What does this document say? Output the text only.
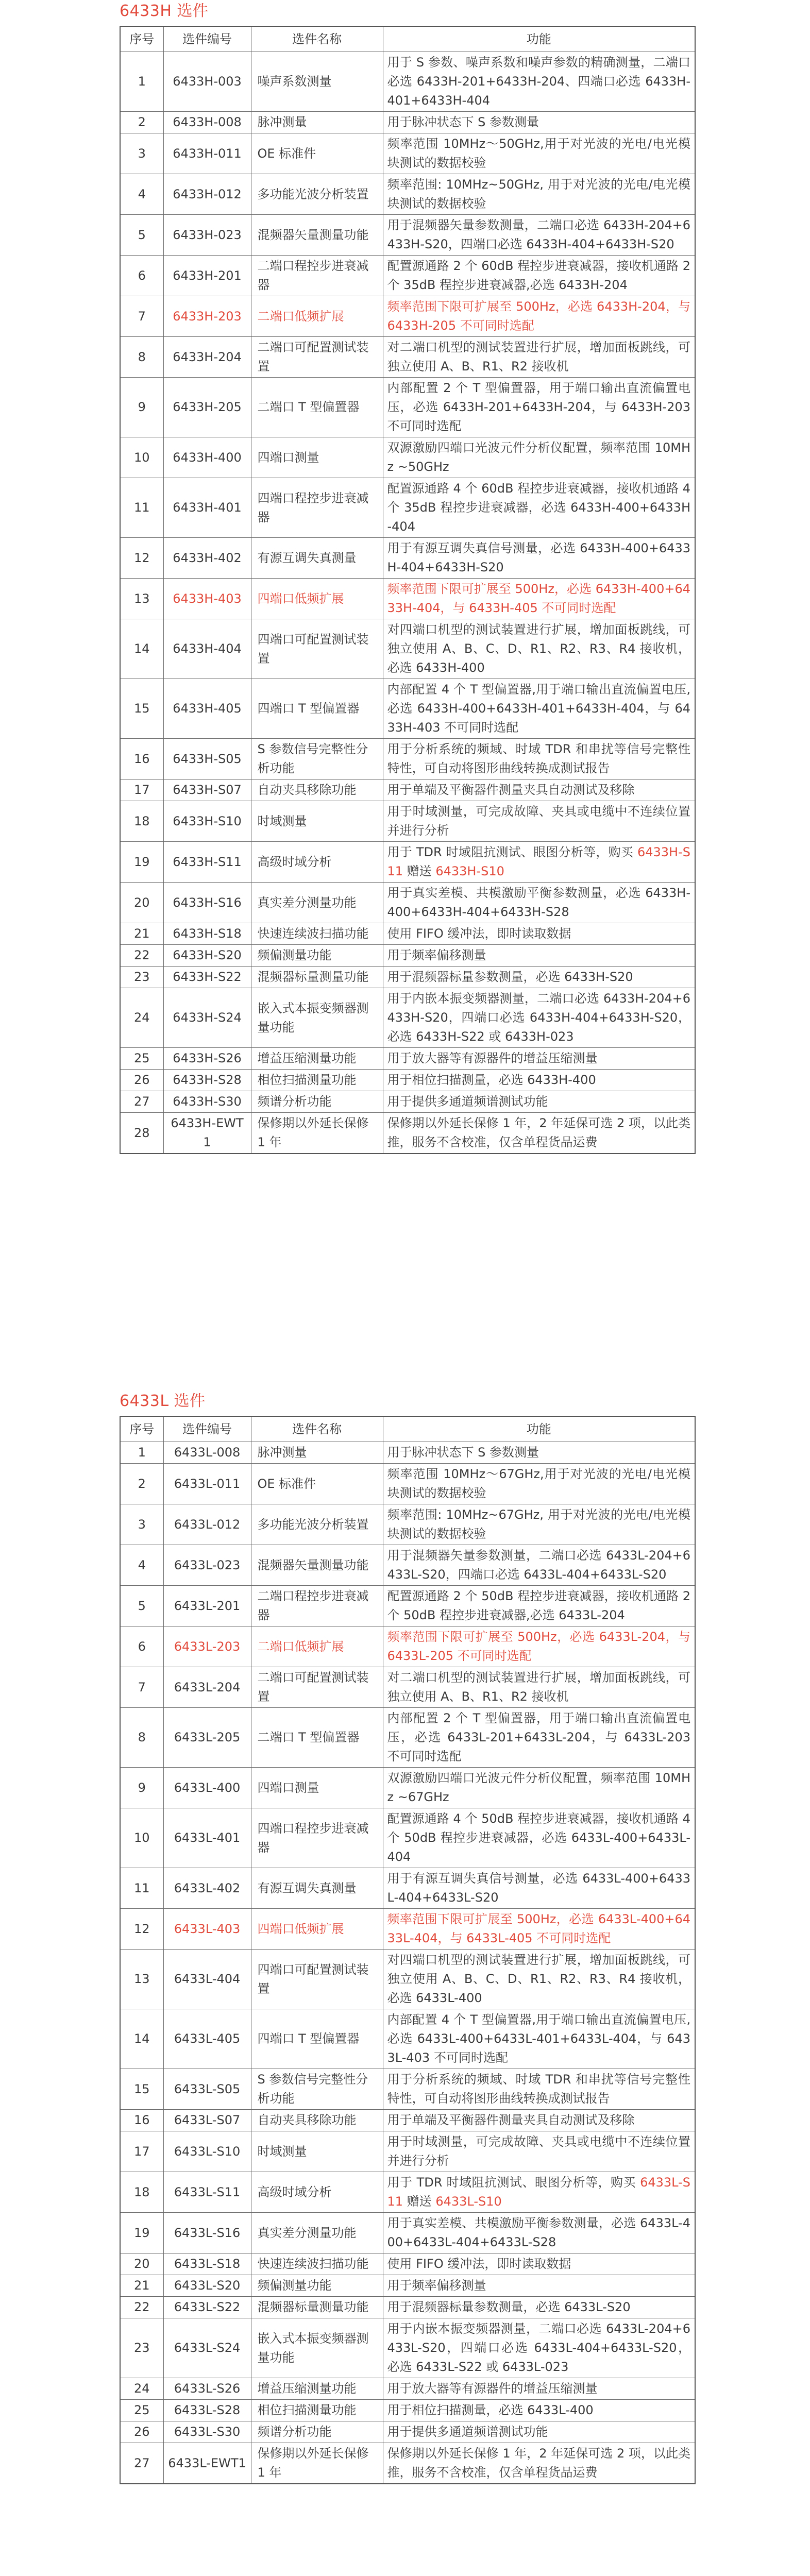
6433H 选件
序号	选件编号	选件名称	功能
1	6433H-003	噪声系数测量	用于 S 参数、噪声系数和噪声参数的精确测量，二端口必选 6433H-201+6433H-204、四端口必选 6433H-401+6433H-404
2	6433H-008	脉冲测量	用于脉冲状态下 S 参数测量
3	6433H-011	OE 标准件	频率范围 10MHz～50GHz,用于对光波的光电/电光模块测试的数据校验
4	6433H-012	多功能光波分析装置	频率范围: 10MHz~50GHz, 用于对光波的光电/电光模块测试的数据校验
5	6433H-023	混频器矢量测量功能	用于混频器矢量参数测量，二端口必选 6433H-204+6433H-S20，四端口必选 6433H-404+6433H-S20
6	6433H-201	二端口程控步进衰减器	配置源通路 2 个 60dB 程控步进衰减器，接收机通路 2 个 35dB 程控步进衰减器,必选 6433H-204
7	6433H-203	二端口低频扩展	频率范围下限可扩展至 500Hz，必选 6433H-204，与 6433H-205 不可同时选配
8	6433H-204	二端口可配置测试装置	对二端口机型的测试装置进行扩展，增加面板跳线，可独立使用 A、B、R1、R2 接收机
9	6433H-205	二端口 T 型偏置器	内部配置 2 个 T 型偏置器，用于端口输出直流偏置电压，必选 6433H-201+6433H-204，与 6433H-203 不可同时选配
10	6433H-400	四端口测量	双源激励四端口光波元件分析仪配置，频率范围 10MHz ~50GHz
11	6433H-401	四端口程控步进衰减器	配置源通路 4 个 60dB 程控步进衰减器，接收机通路 4 个 35dB 程控步进衰减器，必选 6433H-400+6433H-404
12	6433H-402	有源互调失真测量	用于有源互调失真信号测量，必选 6433H-400+6433H-404+6433H-S20
13	6433H-403	四端口低频扩展	频率范围下限可扩展至 500Hz，必选 6433H-400+6433H-404，与 6433H-405 不可同时选配
14	6433H-404	四端口可配置测试装置	对四端口机型的测试装置进行扩展，增加面板跳线，可独立使用 A、B、C、D、R1、R2、R3、R4 接收机，必选 6433H-400
15	6433H-405	四端口 T 型偏置器	内部配置 4 个 T 型偏置器,用于端口输出直流偏置电压,必选 6433H-400+6433H-401+6433H-404，与 6433H-403 不可同时选配
16	6433H-S05	S 参数信号完整性分析功能	用于分析系统的频域、时域 TDR 和串扰等信号完整性特性，可自动将图形曲线转换成测试报告
17	6433H-S07	自动夹具移除功能	用于单端及平衡器件测量夹具自动测试及移除
18	6433H-S10	时域测量	用于时域测量，可完成故障、夹具或电缆中不连续位置并进行分析
19	6433H-S11	高级时域分析	用于 TDR 时域阻抗测试、眼图分析等，购买 6433H-S11 赠送 6433H-S10
20	6433H-S16	真实差分测量功能	用于真实差模、共模激励平衡参数测量，必选 6433H-400+6433H-404+6433H-S28
21	6433H-S18	快速连续波扫描功能	使用 FIFO 缓冲法，即时读取数据
22	6433H-S20	频偏测量功能	用于频率偏移测量
23	6433H-S22	混频器标量测量功能	用于混频器标量参数测量，必选 6433H-S20
24	6433H-S24	嵌入式本振变频器测量功能	用于内嵌本振变频器测量，二端口必选 6433H-204+6433H-S20，四端口必选 6433H-404+6433H-S20，必选 6433H-S22 或 6433H-023
25	6433H-S26	增益压缩测量功能	用于放大器等有源器件的增益压缩测量
26	6433H-S28	相位扫描测量功能	用于相位扫描测量，必选 6433H-400
27	6433H-S30	频谱分析功能	用于提供多通道频谱测试功能
28	6433H-EWT1	保修期以外延长保修 1 年	保修期以外延长保修 1 年，2 年延保可选 2 项，以此类推，服务不含校准，仅含单程货品运费
6433L 选件
序号	选件编号	选件名称	功能
1	6433L-008	脉冲测量	用于脉冲状态下 S 参数测量
2	6433L-011	OE 标准件	频率范围 10MHz～67GHz,用于对光波的光电/电光模块测试的数据校验
3	6433L-012	多功能光波分析装置	频率范围: 10MHz~67GHz, 用于对光波的光电/电光模块测试的数据校验
4	6433L-023	混频器矢量测量功能	用于混频器矢量参数测量，二端口必选 6433L-204+6433L-S20，四端口必选 6433L-404+6433L-S20
5	6433L-201	二端口程控步进衰减器	配置源通路 2 个 50dB 程控步进衰减器，接收机通路 2 个 50dB 程控步进衰减器,必选 6433L-204
6	6433L-203	二端口低频扩展	频率范围下限可扩展至 500Hz，必选 6433L-204，与 6433L-205 不可同时选配
7	6433L-204	二端口可配置测试装置	对二端口机型的测试装置进行扩展，增加面板跳线，可独立使用 A、B、R1、R2 接收机
8	6433L-205	二端口 T 型偏置器	内部配置 2 个 T 型偏置器，用于端口输出直流偏置电压，必选 6433L-201+6433L-204，与 6433L-203 不可同时选配
9	6433L-400	四端口测量	双源激励四端口光波元件分析仪配置，频率范围 10MHz ~67GHz
10	6433L-401	四端口程控步进衰减器	配置源通路 4 个 50dB 程控步进衰减器，接收机通路 4 个 50dB 程控步进衰减器，必选 6433L-400+6433L-404
11	6433L-402	有源互调失真测量	用于有源互调失真信号测量，必选 6433L-400+6433L-404+6433L-S20
12	6433L-403	四端口低频扩展	频率范围下限可扩展至 500Hz，必选 6433L-400+6433L-404，与 6433L-405 不可同时选配
13	6433L-404	四端口可配置测试装置	对四端口机型的测试装置进行扩展，增加面板跳线，可独立使用 A、B、C、D、R1、R2、R3、R4 接收机，必选 6433L-400
14	6433L-405	四端口 T 型偏置器	内部配置 4 个 T 型偏置器,用于端口输出直流偏置电压,必选 6433L-400+6433L-401+6433L-404，与 6433L-403 不可同时选配
15	6433L-S05	S 参数信号完整性分析功能	用于分析系统的频域、时域 TDR 和串扰等信号完整性特性，可自动将图形曲线转换成测试报告
16	6433L-S07	自动夹具移除功能	用于单端及平衡器件测量夹具自动测试及移除
17	6433L-S10	时域测量	用于时域测量，可完成故障、夹具或电缆中不连续位置并进行分析
18	6433L-S11	高级时域分析	用于 TDR 时域阻抗测试、眼图分析等，购买 6433L-S11 赠送 6433L-S10
19	6433L-S16	真实差分测量功能	用于真实差模、共模激励平衡参数测量，必选 6433L-400+6433L-404+6433L-S28
20	6433L-S18	快速连续波扫描功能	使用 FIFO 缓冲法，即时读取数据
21	6433L-S20	频偏测量功能	用于频率偏移测量
22	6433L-S22	混频器标量测量功能	用于混频器标量参数测量，必选 6433L-S20
23	6433L-S24	嵌入式本振变频器测量功能	用于内嵌本振变频器测量，二端口必选 6433L-204+6433L-S20，四端口必选 6433L-404+6433L-S20，必选 6433L-S22 或 6433L-023
24	6433L-S26	增益压缩测量功能	用于放大器等有源器件的增益压缩测量
25	6433L-S28	相位扫描测量功能	用于相位扫描测量，必选 6433L-400
26	6433L-S30	频谱分析功能	用于提供多通道频谱测试功能
27	6433L-EWT1	保修期以外延长保修 1 年	保修期以外延长保修 1 年，2 年延保可选 2 项，以此类推，服务不含校准，仅含单程货品运费
